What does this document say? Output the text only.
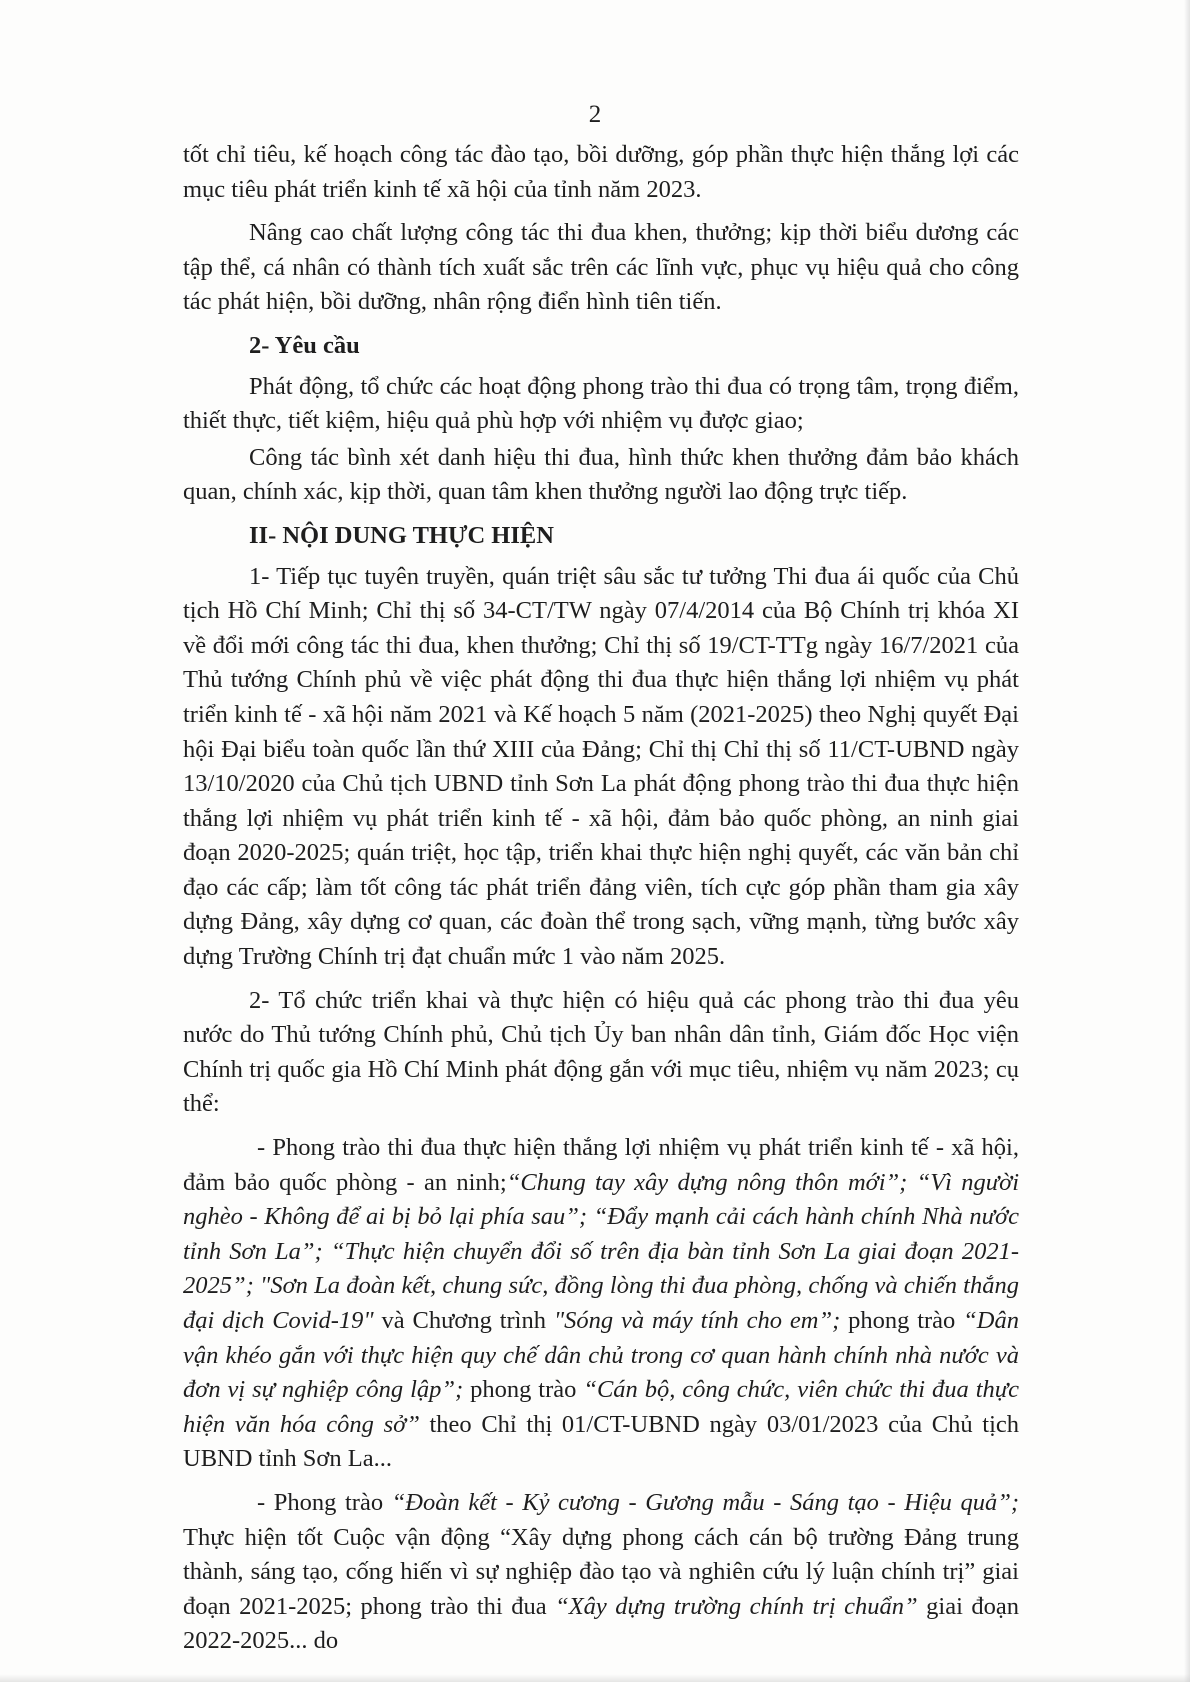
2

tốt chỉ tiêu, kế hoạch công tác đào tạo, bồi dưỡng, góp phần thực hiện thắng lợi các mục tiêu phát triển kinh tế xã hội của tỉnh năm 2023.

Nâng cao chất lượng công tác thi đua khen, thưởng; kịp thời biểu dương các tập thể, cá nhân có thành tích xuất sắc trên các lĩnh vực, phục vụ hiệu quả cho công tác phát hiện, bồi dưỡng, nhân rộng điển hình tiên tiến.

2- Yêu cầu

Phát động, tổ chức các hoạt động phong trào thi đua có trọng tâm, trọng điểm, thiết thực, tiết kiệm, hiệu quả phù hợp với nhiệm vụ được giao;

Công tác bình xét danh hiệu thi đua, hình thức khen thưởng đảm bảo khách quan, chính xác, kịp thời, quan tâm khen thưởng người lao động trực tiếp.

II- NỘI DUNG THỰC HIỆN

1- Tiếp tục tuyên truyền, quán triệt sâu sắc tư tưởng Thi đua ái quốc của Chủ tịch Hồ Chí Minh; Chỉ thị số 34-CT/TW ngày 07/4/2014 của Bộ Chính trị khóa XI về đổi mới công tác thi đua, khen thưởng; Chỉ thị số 19/CT-TTg ngày 16/7/2021 của Thủ tướng Chính phủ về việc phát động thi đua thực hiện thắng lợi nhiệm vụ phát triển kinh tế - xã hội năm 2021 và Kế hoạch 5 năm (2021-2025) theo Nghị quyết Đại hội Đại biểu toàn quốc lần thứ XIII của Đảng; Chỉ thị Chỉ thị số 11/CT-UBND ngày 13/10/2020 của Chủ tịch UBND tỉnh Sơn La phát động phong trào thi đua thực hiện thắng lợi nhiệm vụ phát triển kinh tế - xã hội, đảm bảo quốc phòng, an ninh giai đoạn 2020-2025; quán triệt, học tập, triển khai thực hiện nghị quyết, các văn bản chỉ đạo các cấp; làm tốt công tác phát triển đảng viên, tích cực góp phần tham gia xây dựng Đảng, xây dựng cơ quan, các đoàn thể trong sạch, vững mạnh, từng bước xây dựng Trường Chính trị đạt chuẩn mức 1 vào năm 2025.

2- Tổ chức triển khai và thực hiện có hiệu quả các phong trào thi đua yêu nước do Thủ tướng Chính phủ, Chủ tịch Ủy ban nhân dân tỉnh, Giám đốc Học viện Chính trị quốc gia Hồ Chí Minh phát động gắn với mục tiêu, nhiệm vụ năm 2023; cụ thể:

- Phong trào thi đua thực hiện thắng lợi nhiệm vụ phát triển kinh tế - xã hội, đảm bảo quốc phòng - an ninh;“Chung tay xây dựng nông thôn mới”; “Vì người nghèo - Không để ai bị bỏ lại phía sau”; “Đẩy mạnh cải cách hành chính Nhà nước tỉnh Sơn La”; “Thực hiện chuyển đổi số trên địa bàn tỉnh Sơn La giai đoạn 2021-2025”; "Sơn La đoàn kết, chung sức, đồng lòng thi đua phòng, chống và chiến thắng đại dịch Covid-19" và Chương trình "Sóng và máy tính cho em”; phong trào “Dân vận khéo gắn với thực hiện quy chế dân chủ trong cơ quan hành chính nhà nước và đơn vị sự nghiệp công lập”; phong trào “Cán bộ, công chức, viên chức thi đua thực hiện văn hóa công sở” theo Chỉ thị 01/CT-UBND ngày 03/01/2023 của Chủ tịch UBND tỉnh Sơn La...

- Phong trào “Đoàn kết - Kỷ cương - Gương mẫu - Sáng tạo - Hiệu quả”; Thực hiện tốt Cuộc vận động “Xây dựng phong cách cán bộ trường Đảng trung thành, sáng tạo, cống hiến vì sự nghiệp đào tạo và nghiên cứu lý luận chính trị” giai đoạn 2021-2025; phong trào thi đua “Xây dựng trường chính trị chuẩn” giai đoạn 2022-2025... do
